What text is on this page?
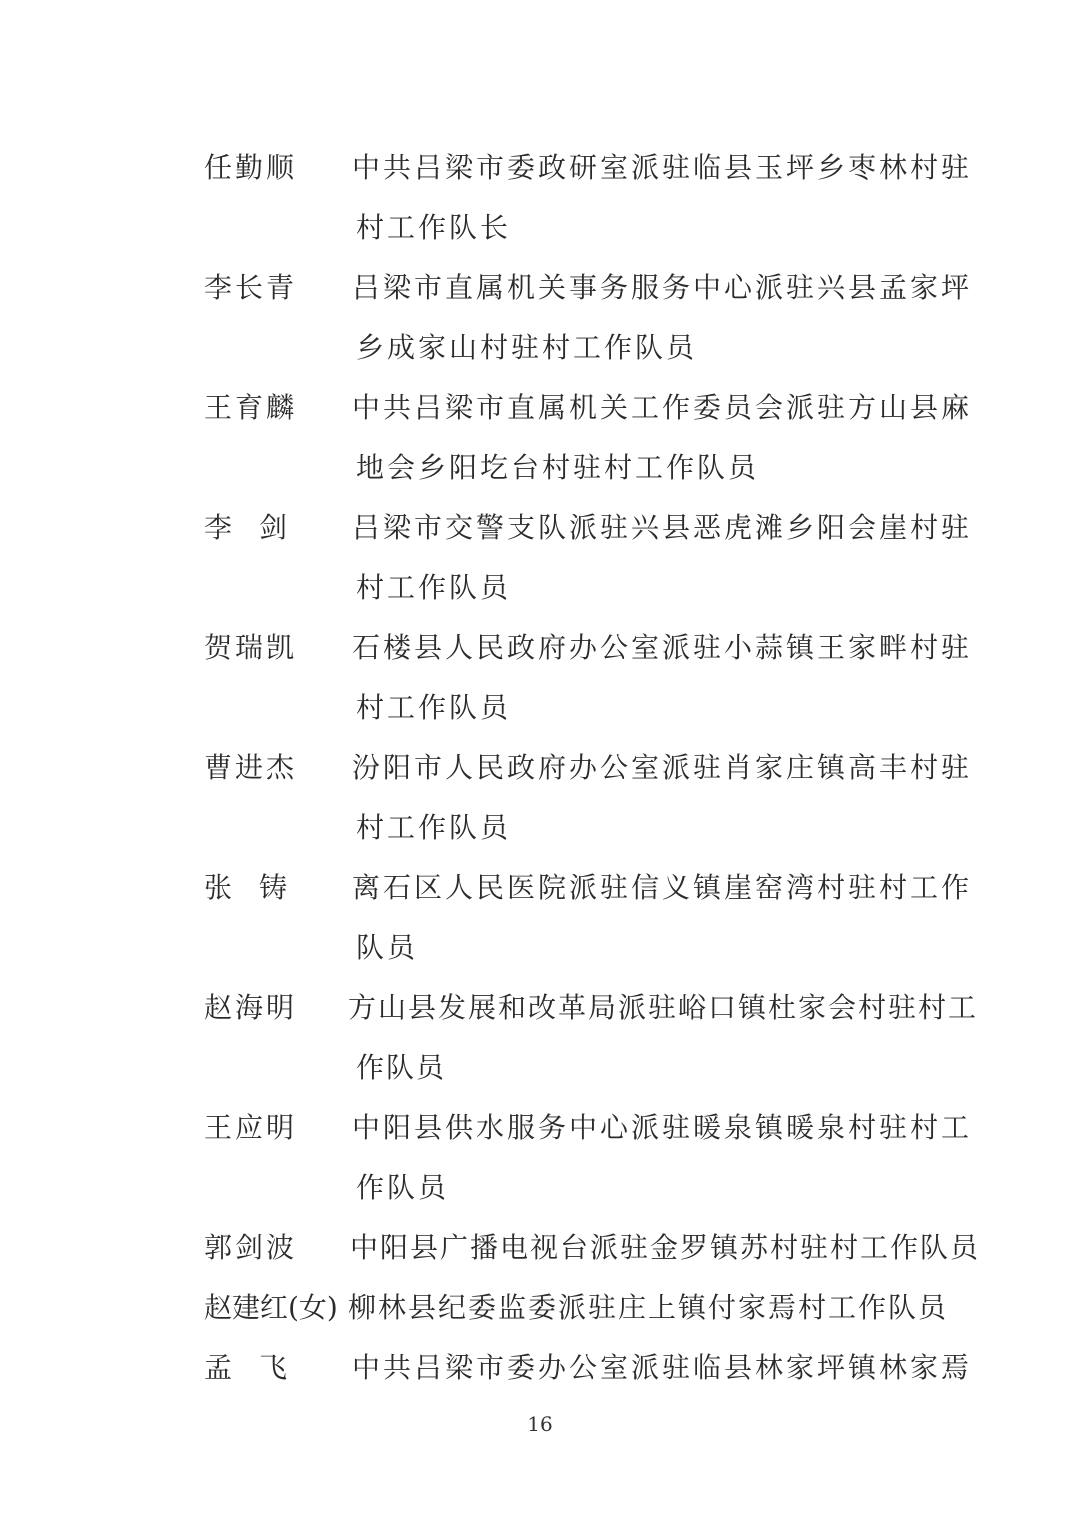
任勤顺 中共吕梁市委政研室派驻临县玉坪乡枣林村驻
村工作队长
李长青 吕梁市直属机关事务服务中心派驻兴县孟家坪
乡成家山村驻村工作队员
王育麟 中共吕梁市直属机关工作委员会派驻方山县麻
地会乡阳圪台村驻村工作队员
李剑 吕梁市交警支队派驻兴县恶虎滩乡阳会崖村驻
村工作队员
贺瑞凯 石楼县人民政府办公室派驻小蒜镇王家畔村驻
村工作队员
曹进杰 汾阳市人民政府办公室派驻肖家庄镇高丰村驻
村工作队员
张铸 离石区人民医院派驻信义镇崖窑湾村驻村工作
队员
赵海明 方山县发展和改革局派驻峪口镇杜家会村驻村工
作队员
王应明 中阳县供水服务中心派驻暖泉镇暖泉村驻村工
作队员
郭剑波 中阳县广播电视台派驻金罗镇苏村驻村工作队员
赵建红(女) 柳林县纪委监委派驻庄上镇付家焉村工作队员
孟飞 中共吕梁市委办公室派驻临县林家坪镇林家焉
16
